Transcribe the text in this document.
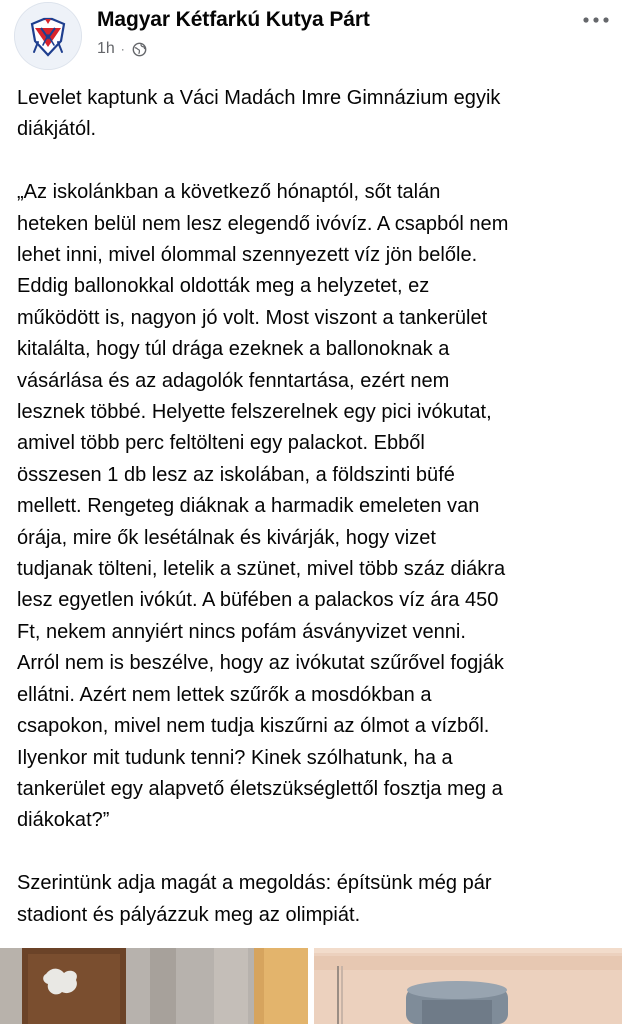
Magyar Kétfarkú Kutya Párt
1h ·

Levelet kaptunk a Váci Madách Imre Gimnázium egyik
diákjától.

„Az iskolánkban a következő hónaptól, sőt talán
heteken belül nem lesz elegendő ivóvíz. A csapból nem
lehet inni, mivel ólommal szennyezett víz jön belőle.
Eddig ballonokkal oldották meg a helyzetet, ez
működött is, nagyon jó volt. Most viszont a tankerület
kitalálta, hogy túl drága ezeknek a ballonoknak a
vásárlása és az adagolók fenntartása, ezért nem
lesznek többé. Helyette felszerelnek egy pici ivókutat,
amivel több perc feltölteni egy palackot. Ebből
összesen 1 db lesz az iskolában, a földszinti büfé
mellett. Rengeteg diáknak a harmadik emeleten van
órája, mire ők lesétálnak és kivárják, hogy vizet
tudjanak tölteni, letelik a szünet, mivel több száz diákra
lesz egyetlen ivókút. A büfében a palackos víz ára 450
Ft, nekem annyiért nincs pofám ásványvizet venni.
Arról nem is beszélve, hogy az ivókutat szűrővel fogják
ellátni. Azért nem lettek szűrők a mosdókban a
csapokon, mivel nem tudja kiszűrni az ólmot a vízből.
Ilyenkor mit tudunk tenni? Kinek szólhatunk, ha a
tankerület egy alapvető életszükséglettől fosztja meg a
diákokat?”

Szerintünk adja magát a megoldás: építsünk még pár
stadiont és pályázzuk meg az olimpiát.
